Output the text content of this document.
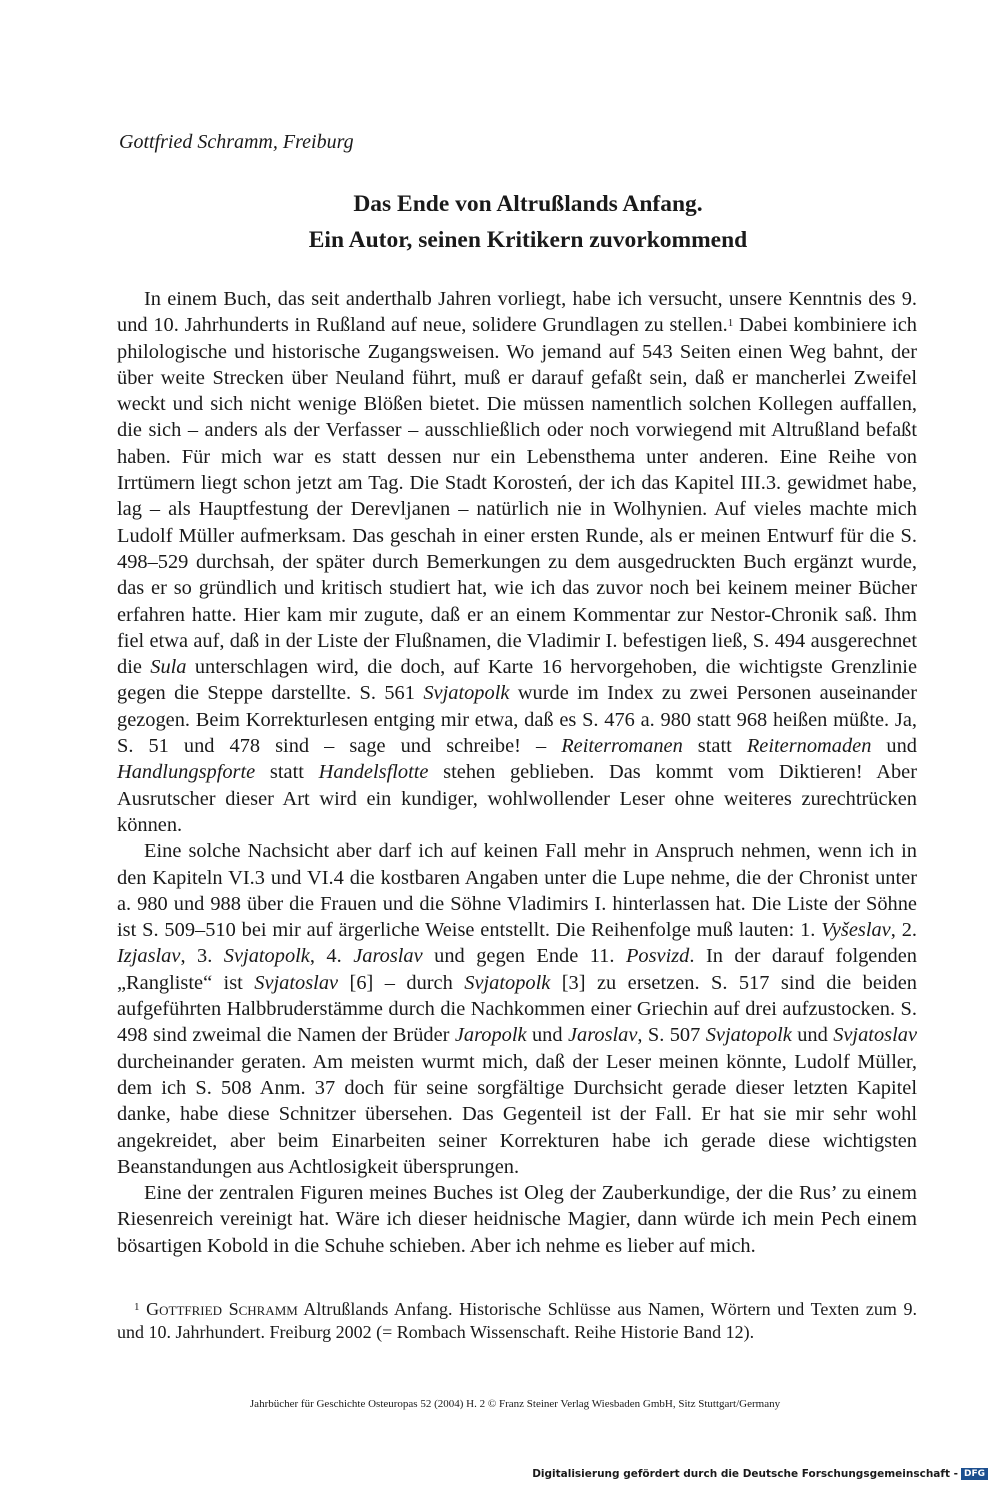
Gottfried Schramm, Freiburg
Das Ende von Altrußlands Anfang.
Ein Autor, seinen Kritikern zuvorkommend

In einem Buch, das seit anderthalb Jahren vorliegt, habe ich versucht, unsere Kenntnis des 9. und 10. Jahrhunderts in Rußland auf neue, solidere Grundlagen zu stellen.$^1$ Dabei kombiniere ich philologische und historische Zugangsweisen. Wo jemand auf 543 Seiten einen Weg bahnt, der über weite Strecken über Neuland führt, muß er darauf gefaßt sein, daß er mancherlei Zweifel weckt und sich nicht wenige Blößen bietet. Die müssen namentlich solchen Kollegen auffallen, die sich – anders als der Verfasser – ausschließlich oder noch vorwiegend mit Altrußland befaßt haben. Für mich war es statt dessen nur ein Lebensthema unter anderen. Eine Reihe von Irrtümern liegt schon jetzt am Tag. Die Stadt Korosteń, der ich das Kapitel III.3. gewidmet habe, lag – als Hauptfestung der Derevljanen – natürlich nie in Wolhynien. Auf vieles machte mich Ludolf Müller aufmerksam. Das geschah in einer ersten Runde, als er meinen Entwurf für die S. 498–529 durchsah, der später durch Bemerkungen zu dem ausgedruckten Buch ergänzt wurde, das er so gründlich und kritisch studiert hat, wie ich das zuvor noch bei keinem meiner Bücher erfahren hatte. Hier kam mir zugute, daß er an einem Kommentar zur Nestor-Chronik saß. Ihm fiel etwa auf, daß in der Liste der Flußnamen, die Vladimir I. befestigen ließ, S. 494 ausgerechnet die Sula unterschlagen wird, die doch, auf Karte 16 hervorgehoben, die wichtigste Grenzlinie gegen die Steppe darstellte. S. 561 Svjatopolk wurde im Index zu zwei Personen auseinander gezogen. Beim Korrekturlesen entging mir etwa, daß es S. 476 a. 980 statt 968 heißen müßte. Ja, S. 51 und 478 sind – sage und schreibe! – Reiterromanen statt Reiternomaden und Handlungspforte statt Handelsflotte stehen geblieben. Das kommt vom Diktieren! Aber Ausrutscher dieser Art wird ein kundiger, wohlwollender Leser ohne weiteres zurechtrücken können.

Eine solche Nachsicht aber darf ich auf keinen Fall mehr in Anspruch nehmen, wenn ich in den Kapiteln VI.3 und VI.4 die kostbaren Angaben unter die Lupe nehme, die der Chronist unter a. 980 und 988 über die Frauen und die Söhne Vladimirs I. hinterlassen hat. Die Liste der Söhne ist S. 509–510 bei mir auf ärgerliche Weise entstellt. Die Reihenfolge muß lauten: 1. Vyšeslav, 2. Izjaslav, 3. Svjatopolk, 4. Jaroslav und gegen Ende 11. Posvizd. In der darauf folgenden „Rangliste“ ist Svjatoslav [6] – durch Svjatopolk [3] zu ersetzen. S. 517 sind die beiden aufgeführten Halbbruderstämme durch die Nachkommen einer Griechin auf drei aufzustocken. S. 498 sind zweimal die Namen der Brüder Jaropolk und Jaroslav, S. 507 Svjatopolk und Svjatoslav durcheinander geraten. Am meisten wurmt mich, daß der Leser meinen könnte, Ludolf Müller, dem ich S. 508 Anm. 37 doch für seine sorgfältige Durchsicht gerade dieser letzten Kapitel danke, habe diese Schnitzer übersehen. Das Gegenteil ist der Fall. Er hat sie mir sehr wohl angekreidet, aber beim Einarbeiten seiner Korrekturen habe ich gerade diese wichtigsten Beanstandungen aus Achtlosigkeit übersprungen.

Eine der zentralen Figuren meines Buches ist Oleg der Zauberkundige, der die Rus’ zu einem Riesenreich vereinigt hat. Wäre ich dieser heidnische Magier, dann würde ich mein Pech einem bösartigen Kobold in die Schuhe schieben. Aber ich nehme es lieber auf mich.

$^1$ Gottfried Schramm Altrußlands Anfang. Historische Schlüsse aus Namen, Wörtern und Texten zum 9. und 10. Jahrhundert. Freiburg 2002 (= Rombach Wissenschaft. Reihe Historie Band 12).

Jahrbücher für Geschichte Osteuropas 52 (2004) H. 2 © Franz Steiner Verlag Wiesbaden GmbH, Sitz Stuttgart/Germany
Digitalisierung gefördert durch die Deutsche Forschungsgemeinschaft - DFG
